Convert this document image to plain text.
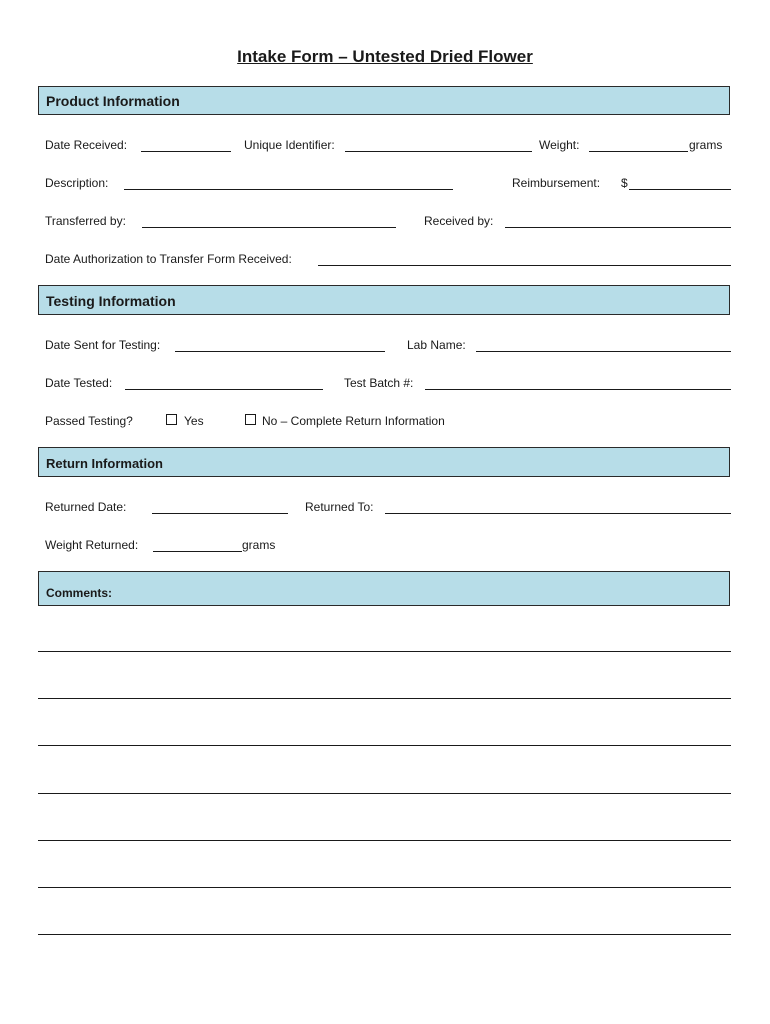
Intake Form – Untested Dried Flower
Product Information
Date Received:	Unique Identifier:	Weight:	grams
Description:	Reimbursement: $
Transferred by:	Received by:
Date Authorization to Transfer Form Received:
Testing Information
Date Sent for Testing:	Lab Name:
Date Tested:	Test Batch #:
Passed Testing?	Yes	No – Complete Return Information
Return Information
Returned Date:	Returned To:
Weight Returned:	grams
Comments:
